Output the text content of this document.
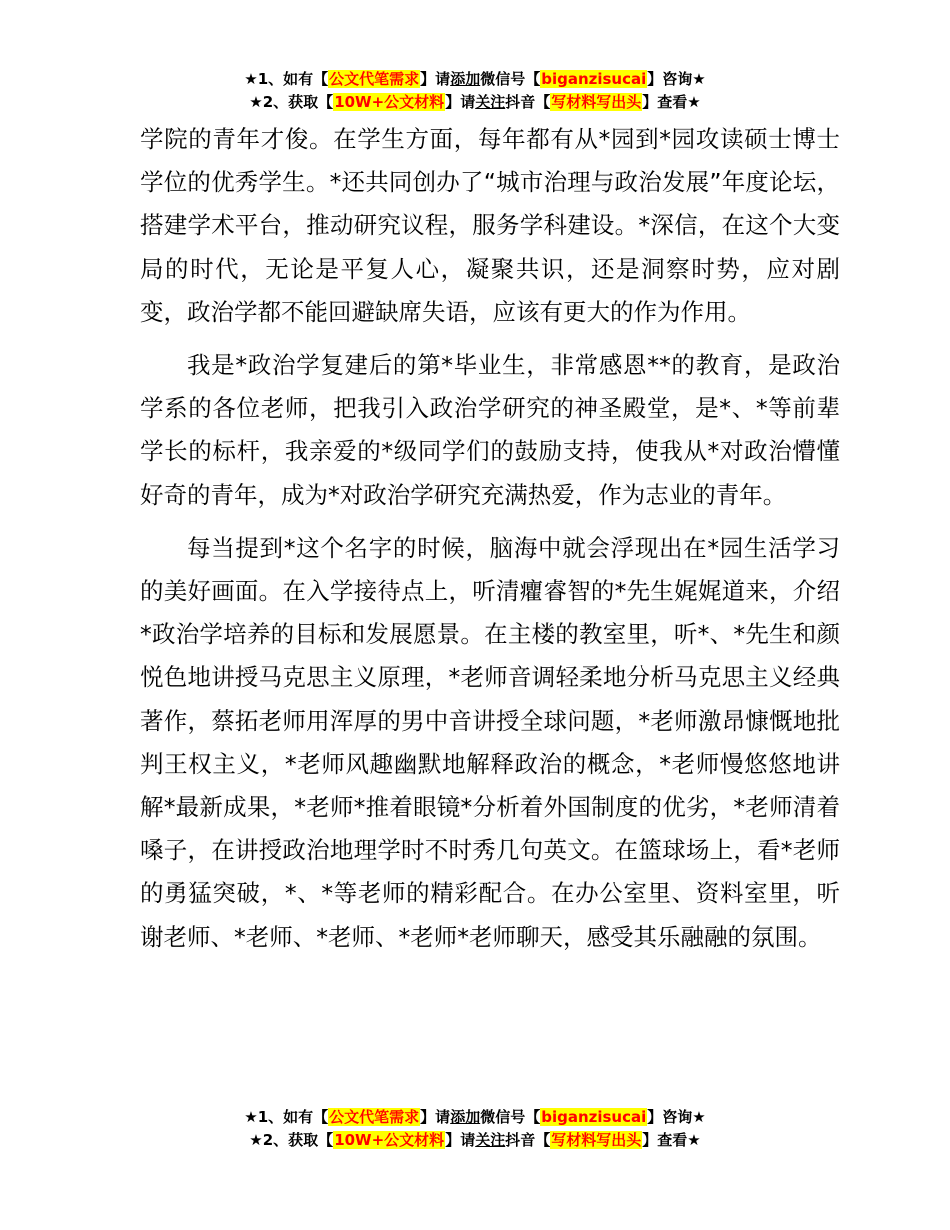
★1、如有【公文代笔需求】请添加微信号【biganzisucai】咨询★
★2、获取【10W+公文材料】请关注抖音【写材料写出头】查看★

学院的青年才俊。在学生方面，每年都有从*园到*园攻读硕士博士学位的优秀学生。*还共同创办了“城市治理与政治发展”年度论坛，搭建学术平台，推动研究议程，服务学科建设。*深信，在这个大变局的时代，无论是平复人心，凝聚共识，还是洞察时势，应对剧变，政治学都不能回避缺席失语，应该有更大的作为作用。

我是*政治学复建后的第*毕业生，非常感恩**的教育，是政治学系的各位老师，把我引入政治学研究的神圣殿堂，是*、*等前辈学长的标杆，我亲爱的*级同学们的鼓励支持，使我从*对政治懵懂好奇的青年，成为*对政治学研究充满热爱，作为志业的青年。

每当提到*这个名字的时候，脑海中就会浮现出在*园生活学习的美好画面。在入学接待点上，听清癯睿智的*先生娓娓道来，介绍*政治学培养的目标和发展愿景。在主楼的教室里，听*、*先生和颜悦色地讲授马克思主义原理，*老师音调轻柔地分析马克思主义经典著作，蔡拓老师用浑厚的男中音讲授全球问题，*老师激昂慷慨地批判王权主义，*老师风趣幽默地解释政治的概念，*老师慢悠悠地讲解*最新成果，*老师*推着眼镜*分析着外国制度的优劣，*老师清着嗓子，在讲授政治地理学时不时秀几句英文。在篮球场上，看*老师的勇猛突破，*、*等老师的精彩配合。在办公室里、资料室里，听谢老师、*老师、*老师、*老师*老师聊天，感受其乐融融的氛围。

★1、如有【公文代笔需求】请添加微信号【biganzisucai】咨询★
★2、获取【10W+公文材料】请关注抖音【写材料写出头】查看★
